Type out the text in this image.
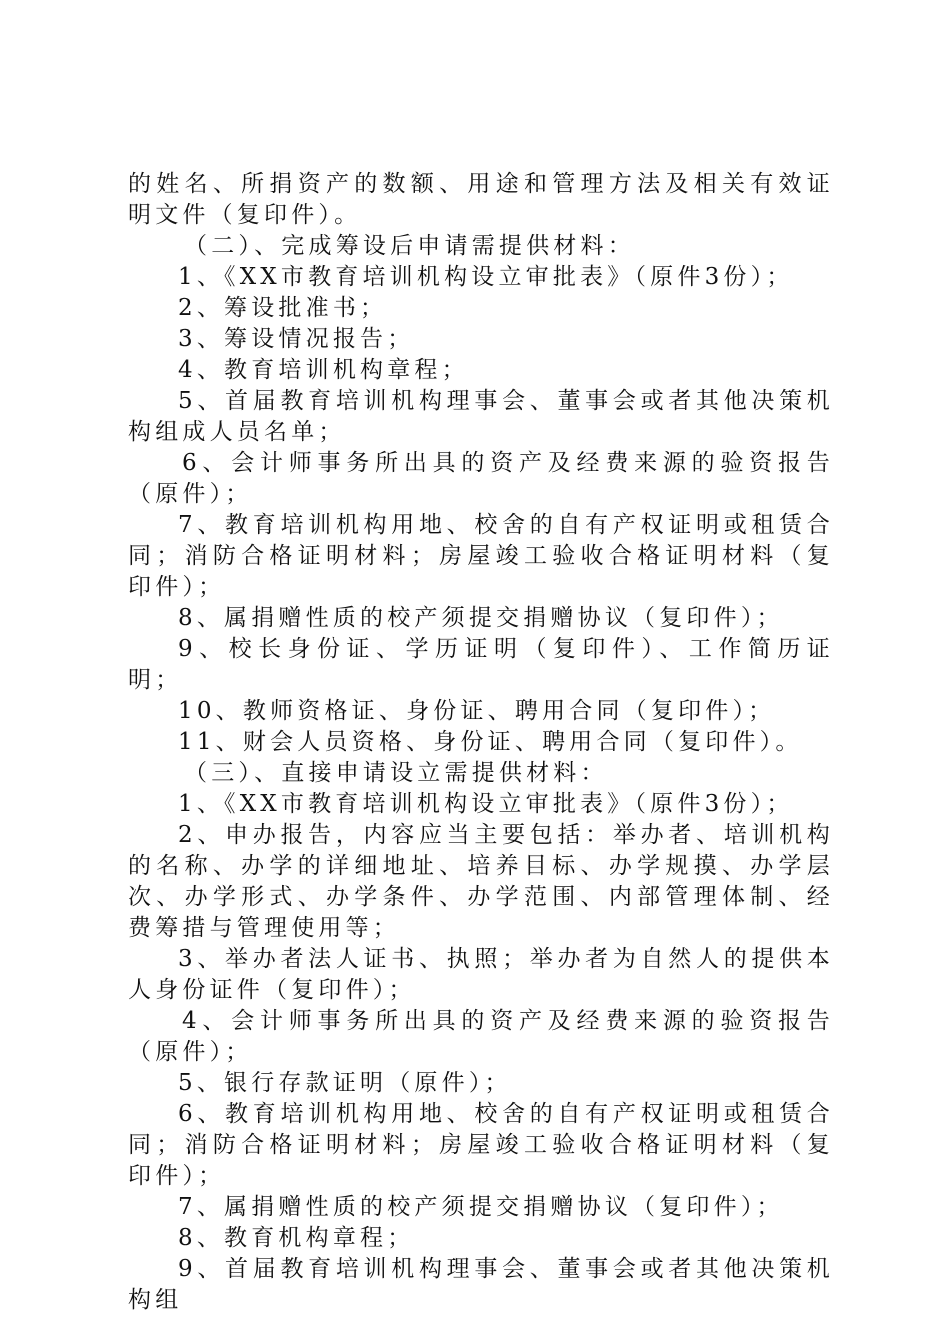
的姓名、所捐资产的数额、用途和管理方法及相关有效证明文件（复印件）。

（二）、完成筹设后申请需提供材料：

1、《XX市教育培训机构设立审批表》（原件3份）；

2、筹设批准书；

3、筹设情况报告；

4、教育培训机构章程；

5、首届教育培训机构理事会、董事会或者其他决策机构组成人员名单；

6、会计师事务所出具的资产及经费来源的验资报告（原件）；

7、教育培训机构用地、校舍的自有产权证明或租赁合同；消防合格证明材料；房屋竣工验收合格证明材料（复印件）；

8、属捐赠性质的校产须提交捐赠协议（复印件）；

9、校长身份证、学历证明（复印件）、工作简历证明；

10、教师资格证、身份证、聘用合同（复印件）；

11、财会人员资格、身份证、聘用合同（复印件）。

（三）、直接申请设立需提供材料：

1、《XX市教育培训机构设立审批表》（原件3份）；

2、申办报告，内容应当主要包括：举办者、培训机构的名称、办学的详细地址、培养目标、办学规摸、办学层次、办学形式、办学条件、办学范围、内部管理体制、经费筹措与管理使用等；

3、举办者法人证书、执照；举办者为自然人的提供本人身份证件（复印件）；

4、会计师事务所出具的资产及经费来源的验资报告（原件）；

5、银行存款证明（原件）；

6、教育培训机构用地、校舍的自有产权证明或租赁合同；消防合格证明材料；房屋竣工验收合格证明材料（复印件）；

7、属捐赠性质的校产须提交捐赠协议（复印件）；

8、教育机构章程；

9、首届教育培训机构理事会、董事会或者其他决策机构组
